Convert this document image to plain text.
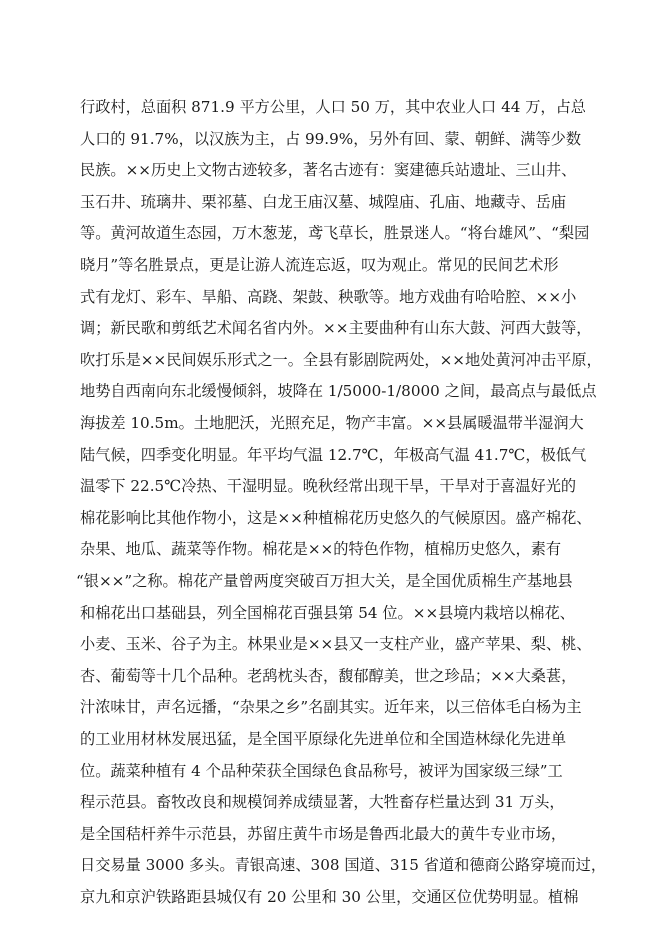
行政村，总面积 871.9 平方公里，人口 50 万，其中农业人口 44 万，占总
人口的 91.7%，以汉族为主，占 99.9%，另外有回、蒙、朝鲜、满等少数
民族。××历史上文物古迹较多，著名古迹有：窦建德兵站遗址、三山井、
玉石井、琉璃井、栗祁墓、白龙王庙汉墓、城隍庙、孔庙、地藏寺、岳庙
等。黄河故道生态园，万木葱茏，鸢飞草长，胜景迷人。“将台雄风”、“梨园
晓月”等名胜景点，更是让游人流连忘返，叹为观止。常见的民间艺术形
式有龙灯、彩车、旱船、高跷、架鼓、秧歌等。地方戏曲有哈哈腔、××小
调；新民歌和剪纸艺术闻名省内外。××主要曲种有山东大鼓、河西大鼓等，
吹打乐是××民间娱乐形式之一。全县有影剧院两处，××地处黄河冲击平原，
地势自西南向东北缓慢倾斜，坡降在 1/5000-1/8000 之间，最高点与最低点
海拔差 10.5m。土地肥沃，光照充足，物产丰富。××县属暖温带半湿润大
陆气候，四季变化明显。年平均气温 12.7℃，年极高气温 41.7℃，极低气
温零下 22.5℃冷热、干湿明显。晚秋经常出现干旱，干旱对于喜温好光的
棉花影响比其他作物小，这是××种植棉花历史悠久的气候原因。盛产棉花、
杂果、地瓜、蔬菜等作物。棉花是××的特色作物，植棉历史悠久，素有
“银××”之称。棉花产量曾两度突破百万担大关，是全国优质棉生产基地县
和棉花出口基础县，列全国棉花百强县第 54 位。××县境内栽培以棉花、
小麦、玉米、谷子为主。林果业是××县又一支柱产业，盛产苹果、梨、桃、
杏、葡萄等十几个品种。老鸹枕头杏，馥郁醇美，世之珍品；××大桑葚，
汁浓味甘，声名远播，“杂果之乡”名副其实。近年来，以三倍体毛白杨为主
的工业用材林发展迅猛，是全国平原绿化先进单位和全国造林绿化先进单
位。蔬菜种植有 4 个品种荣获全国绿色食品称号，被评为国家级三绿”工
程示范县。畜牧改良和规模饲养成绩显著，大牲畜存栏量达到 31 万头，
是全国秸杆养牛示范县，苏留庄黄牛市场是鲁西北最大的黄牛专业市场，
日交易量 3000 多头。青银高速、308 国道、315 省道和德商公路穿境而过，
京九和京沪铁路距县城仅有 20 公里和 30 公里，交通区位优势明显。植棉
